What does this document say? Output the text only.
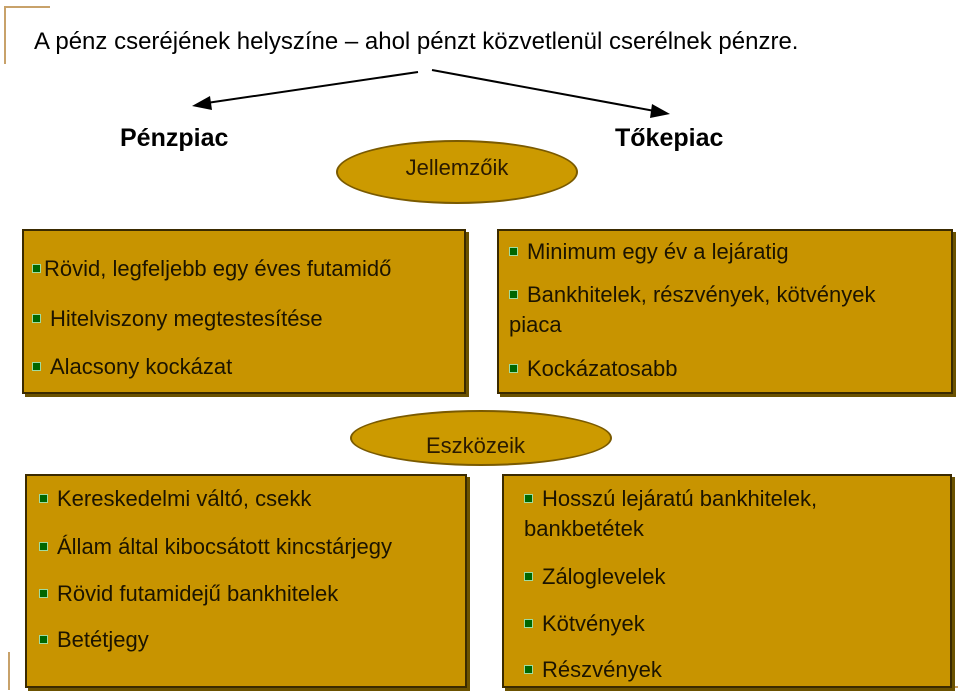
A pénz cseréjének helyszíne – ahol pénzt közvetlenül cserélnek pénzre.
Pénzpiac	Tőkepiac
Jellemzőik
Rövid, legfeljebb egy éves futamidő
Hitelviszony megtestesítése
Alacsony kockázat
Minimum egy év a lejáratig
Bankhitelek, részvények, kötvények
piaca
Kockázatosabb
Eszközeik
Kereskedelmi váltó, csekk
Állam által kibocsátott kincstárjegy
Rövid futamidejű bankhitelek
Betétjegy
Hosszú lejáratú bankhitelek,
bankbetétek
Záloglevelek
Kötvények
Részvények
